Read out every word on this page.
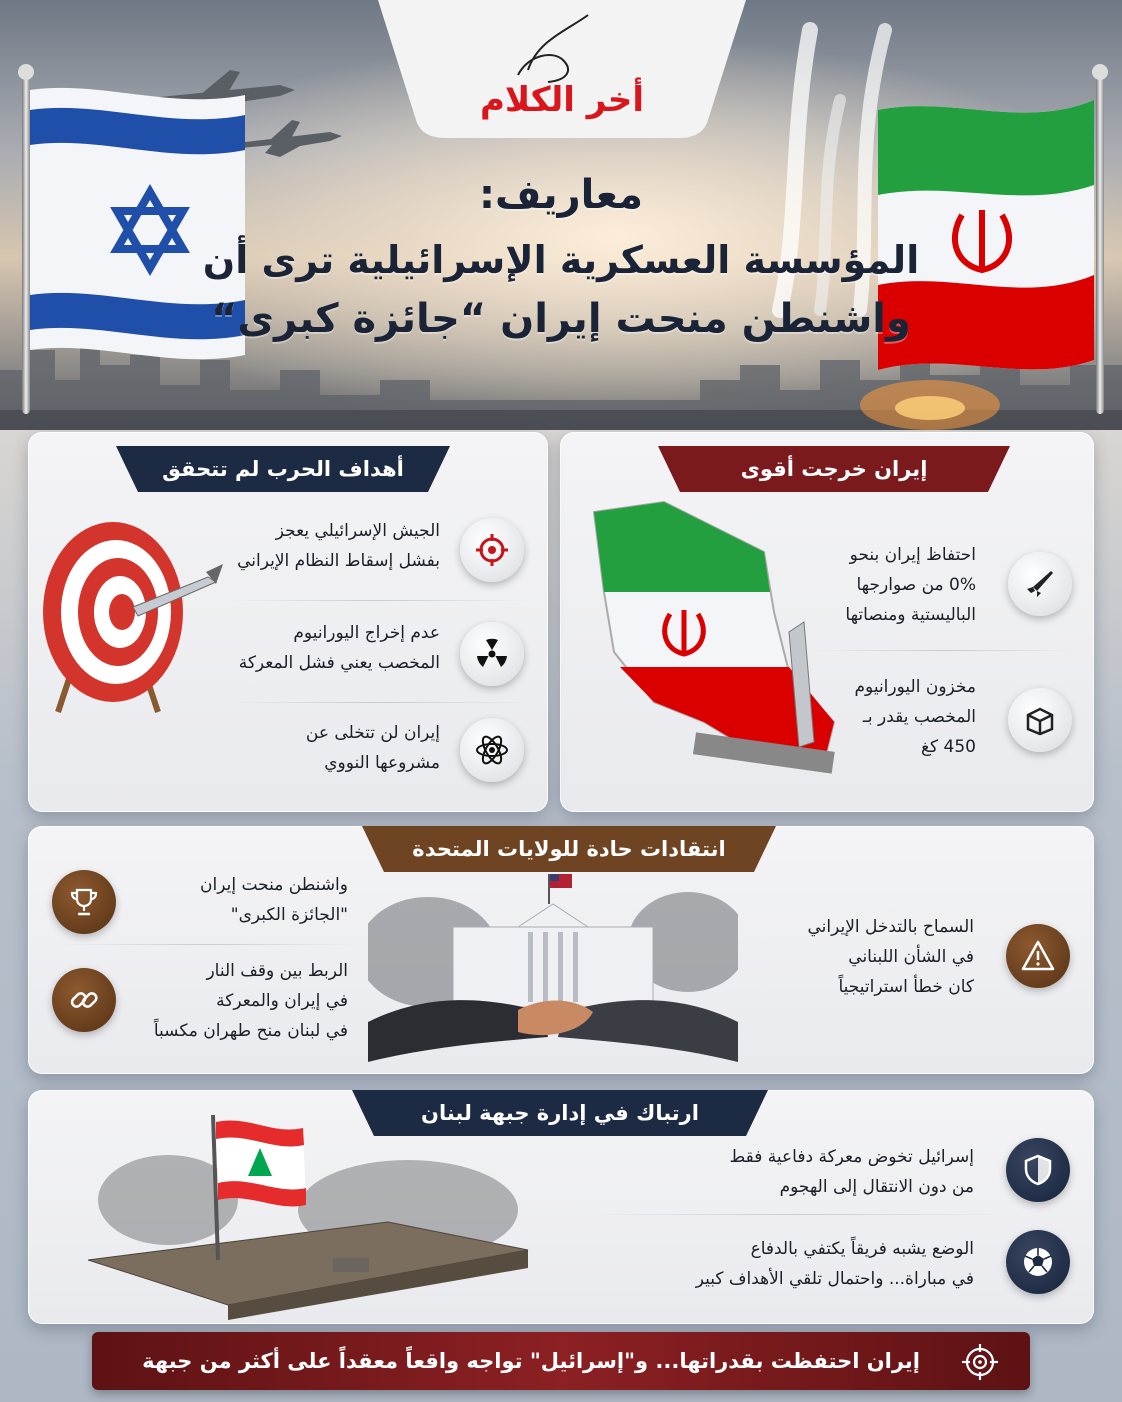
أخر الكلام
معاريف:
المؤسسة العسكرية الإسرائيلية ترى أن
واشنطن منحت إيران “جائزة كبرى“
إيران خرجت أقوى
احتفاظ إيران بنحو
0%‏ من صوارجها
الباليستية ومنصاتها
مخزون اليورانيوم
المخصب يقدر بـ
450 كغ
أهداف الحرب لم تتحقق
الجيش الإسرائيلي يعجز
بفشل إسقاط النظام الإيراني
عدم إخراج اليورانيوم
المخصب يعني فشل المعركة
إيران لن تتخلى عن
مشروعها النووي
انتقادات حادة للولايات المتحدة
السماح بالتدخل الإيراني
في الشأن اللبناني
كان خطأ استراتيجياً
واشنطن منحت إيران
"الجائزة الكبرى"
الربط بين وقف النار
في إيران والمعركة
في لبنان منح طهران مكسباً
ارتباك في إدارة جبهة لبنان
إسرائيل تخوض معركة دفاعية فقط
من دون الانتقال إلى الهجوم
الوضع يشبه فريقاً يكتفي بالدفاع
في مباراة... واحتمال تلقي الأهداف كبير
إيران احتفظت بقدراتها... و"إسرائيل" تواجه واقعاً معقداً على أكثر من جبهة
